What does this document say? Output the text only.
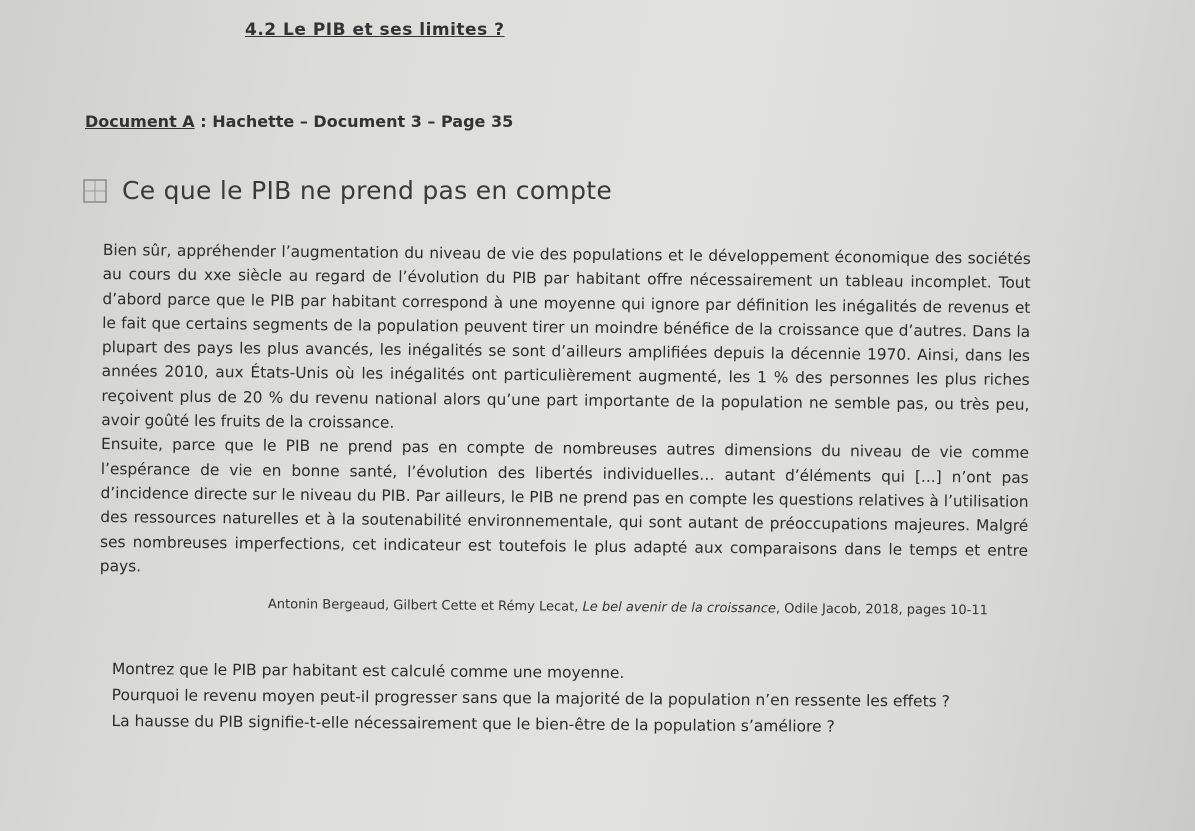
4.2 Le PIB et ses limites ?
Document A : Hachette – Document 3 – Page 35
Ce que le PIB ne prend pas en compte

Bien sûr, appréhender l’augmentation du niveau de vie des populations et le développement économique des sociétés au cours du xxe siècle au regard de l’évolution du PIB par habitant offre nécessairement un tableau incomplet. Tout d’abord parce que le PIB par habitant correspond à une moyenne qui ignore par définition les inégalités de revenus et le fait que certains segments de la population peuvent tirer un moindre bénéfice de la croissance que d’autres. Dans la plupart des pays les plus avancés, les inégalités se sont d’ailleurs amplifiées depuis la décennie 1970. Ainsi, dans les années 2010, aux États-Unis où les inégalités ont particulièrement augmenté, les 1 % des personnes les plus riches reçoivent plus de 20 % du revenu national alors qu’une part importante de la population ne semble pas, ou très peu, avoir goûté les fruits de la croissance.

Ensuite, parce que le PIB ne prend pas en compte de nombreuses autres dimensions du niveau de vie comme l’espérance de vie en bonne santé, l’évolution des libertés individuelles… autant d’éléments qui [...] n’ont pas d’incidence directe sur le niveau du PIB. Par ailleurs, le PIB ne prend pas en compte les questions relatives à l’utilisation des ressources naturelles et à la soutenabilité environnementale, qui sont autant de préoccupations majeures. Malgré ses nombreuses imperfections, cet indicateur est toutefois le plus adapté aux comparaisons dans le temps et entre pays.

Antonin Bergeaud, Gilbert Cette et Rémy Lecat, Le bel avenir de la croissance, Odile Jacob, 2018, pages 10-11
Montrez que le PIB par habitant est calculé comme une moyenne.
Pourquoi le revenu moyen peut-il progresser sans que la majorité de la population n’en ressente les effets ?
La hausse du PIB signifie-t-elle nécessairement que le bien-être de la population s’améliore ?
